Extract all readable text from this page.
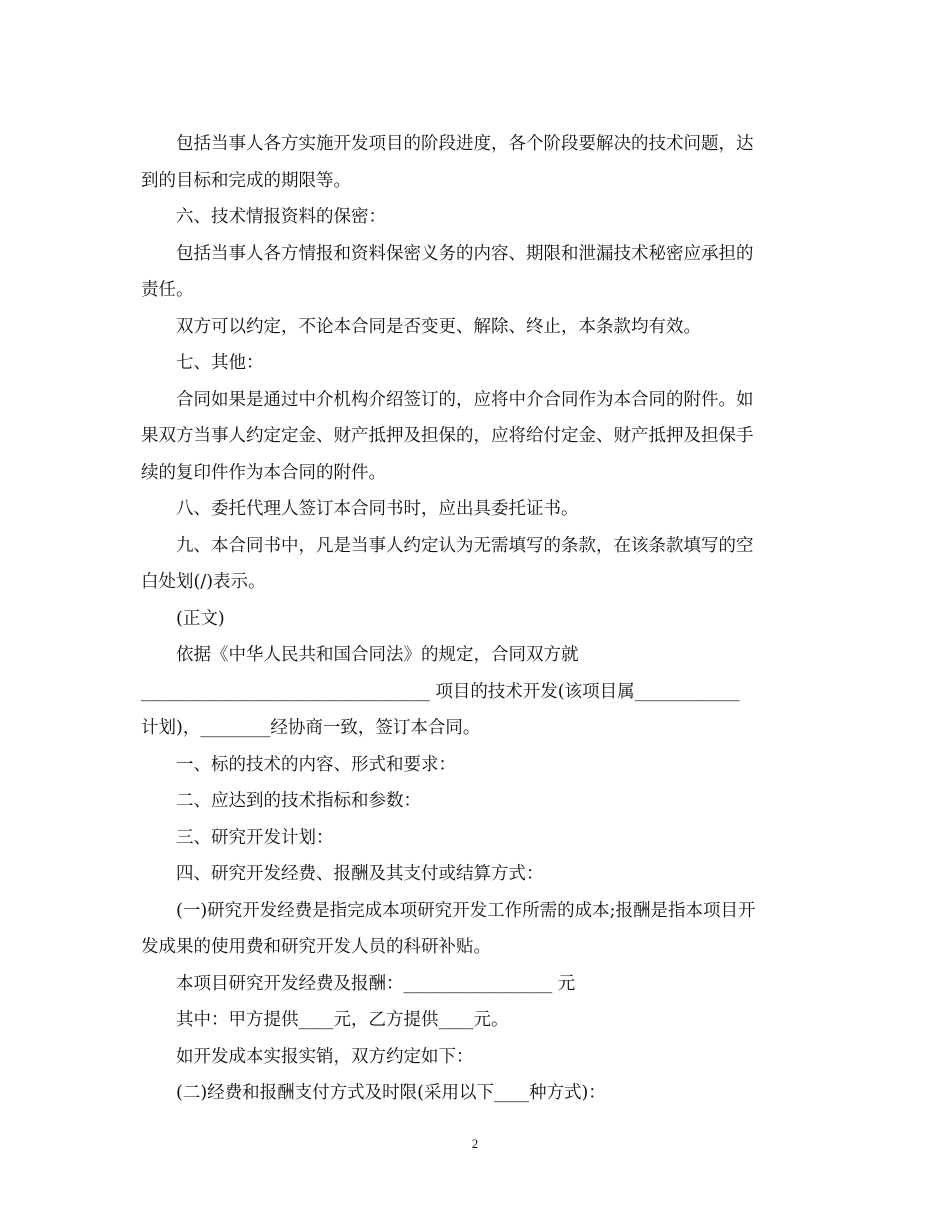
包括当事人各方实施开发项目的阶段进度，各个阶段要解决的技术问题，达
到的目标和完成的期限等。
六、技术情报资料的保密：
包括当事人各方情报和资料保密义务的内容、期限和泄漏技术秘密应承担的
责任。
双方可以约定，不论本合同是否变更、解除、终止，本条款均有效。
七、其他：
合同如果是通过中介机构介绍签订的，应将中介合同作为本合同的附件。如
果双方当事人约定定金、财产抵押及担保的，应将给付定金、财产抵押及担保手
续的复印件作为本合同的附件。
八、委托代理人签订本合同书时，应出具委托证书。
九、本合同书中，凡是当事人约定认为无需填写的条款，在该条款填写的空
白处划(/)表示。
(正文)
依据《中华人民共和国合同法》的规定，合同双方就
_________________________________ 项目的技术开发(该项目属____________
计划)，________经协商一致，签订本合同。
一、标的技术的内容、形式和要求：
二、应达到的技术指标和参数：
三、研究开发计划：
四、研究开发经费、报酬及其支付或结算方式：
(一)研究开发经费是指完成本项研究开发工作所需的成本;报酬是指本项目开
发成果的使用费和研究开发人员的科研补贴。
本项目研究开发经费及报酬：_________________ 元
其中：甲方提供____元，乙方提供____元。
如开发成本实报实销，双方约定如下：
(二)经费和报酬支付方式及时限(采用以下____种方式)：
2
